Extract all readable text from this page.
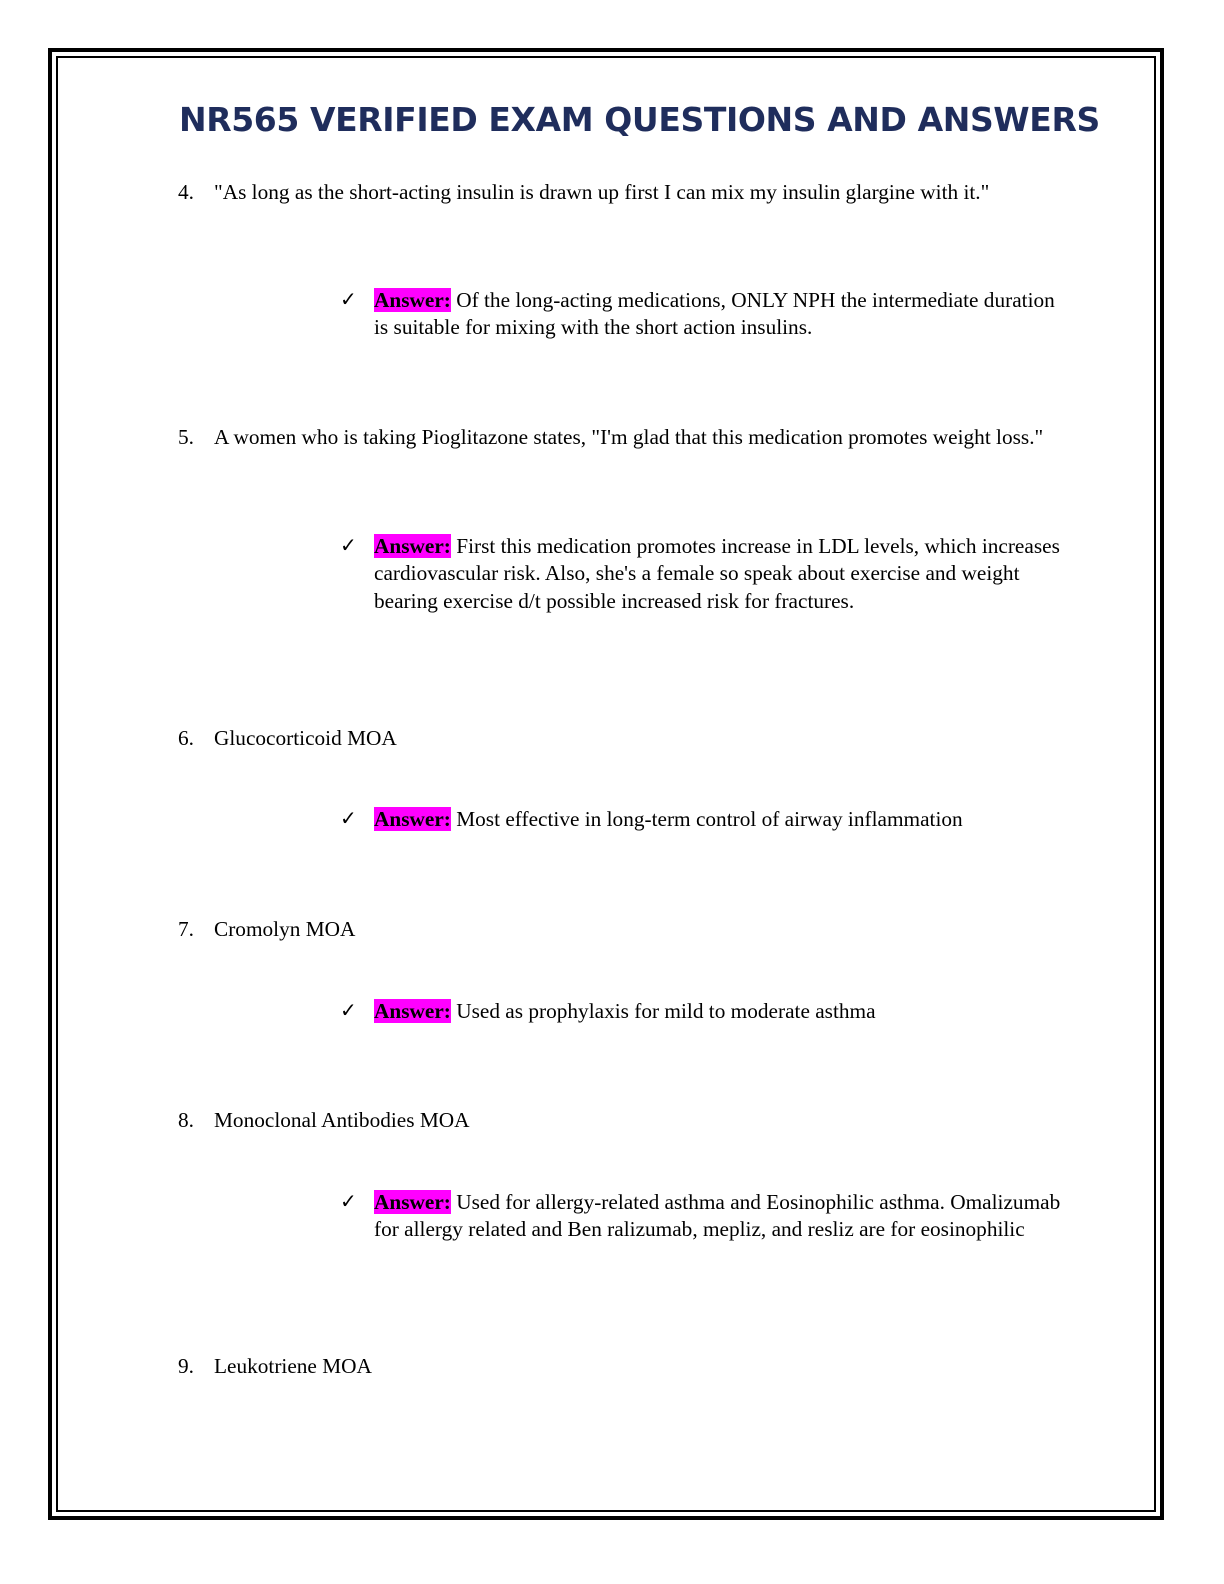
NR565 VERIFIED EXAM QUESTIONS AND ANSWERS
4. "As long as the short-acting insulin is drawn up first I can mix my insulin glargine with it."
✓ Answer: Of the long-acting medications, ONLY NPH the intermediate duration is suitable for mixing with the short action insulins.
5. A women who is taking Pioglitazone states, "I'm glad that this medication promotes weight loss."
✓ Answer: First this medication promotes increase in LDL levels, which increases cardiovascular risk. Also, she's a female so speak about exercise and weight bearing exercise d/t possible increased risk for fractures.
6. Glucocorticoid MOA
✓ Answer: Most effective in long-term control of airway inflammation
7. Cromolyn MOA
✓ Answer: Used as prophylaxis for mild to moderate asthma
8. Monoclonal Antibodies MOA
✓ Answer: Used for allergy-related asthma and Eosinophilic asthma. Omalizumab for allergy related and Ben ralizumab, mepliz, and resliz are for eosinophilic
9. Leukotriene MOA
